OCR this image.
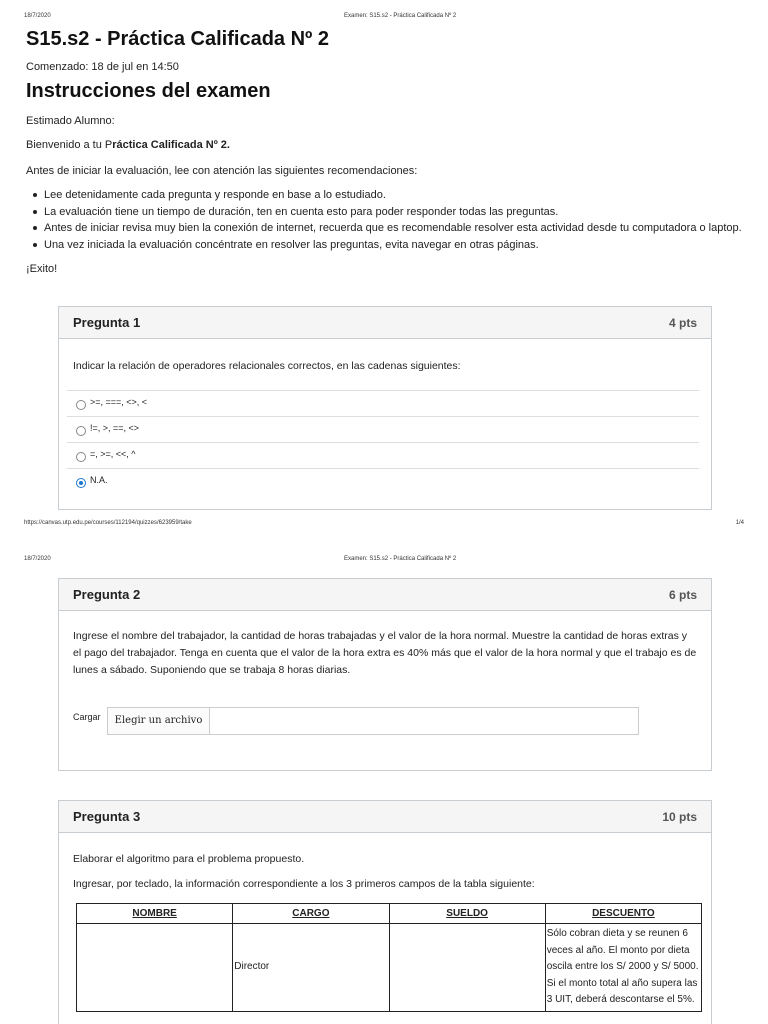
18/7/2020	Examen: S15.s2 - Práctica Calificada Nº 2
S15.s2 - Práctica Calificada Nº 2
Comenzado: 18 de jul en 14:50
Instrucciones del examen
Estimado Alumno:
Bienvenido a tu Práctica Calificada Nº 2.
Antes de iniciar la evaluación, lee con atención las siguientes recomendaciones:
Lee detenidamente cada pregunta y responde en base a lo estudiado.
La evaluación tiene un tiempo de duración, ten en cuenta esto para poder responder todas las preguntas.
Antes de iniciar revisa muy bien la conexión de internet, recuerda que es recomendable resolver esta actividad desde tu computadora o laptop.
Una vez iniciada la evaluación concéntrate en resolver las preguntas, evita navegar en otras páginas.
¡Exito!
Pregunta 1	4 pts
Indicar la relación de operadores relacionales correctos, en las cadenas siguientes:
>=, ===, <>, <
!=, >, ==, <>
=, >=, <<, ^
N.A.
https://canvas.utp.edu.pe/courses/112194/quizzes/623959/take	1/4
18/7/2020	Examen: S15.s2 - Práctica Calificada Nº 2
Pregunta 2	6 pts
Ingrese el nombre del trabajador, la cantidad de horas trabajadas y el valor de la hora normal. Muestre la cantidad de horas extras y el pago del trabajador. Tenga en cuenta que el valor de la hora extra es 40% más que el valor de la hora normal y que el trabajo es de lunes a sábado. Suponiendo que se trabaja 8 horas diarias.
Cargar	Elegir un archivo
Pregunta 3	10 pts
Elaborar el algoritmo para el problema propuesto.
Ingresar, por teclado, la información correspondiente a los 3 primeros campos de la tabla siguiente:
NOMBRE	CARGO	SUELDO	DESCUENTO
	Director		Sólo cobran dieta y se reunen 6 veces al año. El monto por dieta oscila entre los S/ 2000 y S/ 5000. Si el monto total al año supera las 3 UIT, deberá descontarse el 5%.
